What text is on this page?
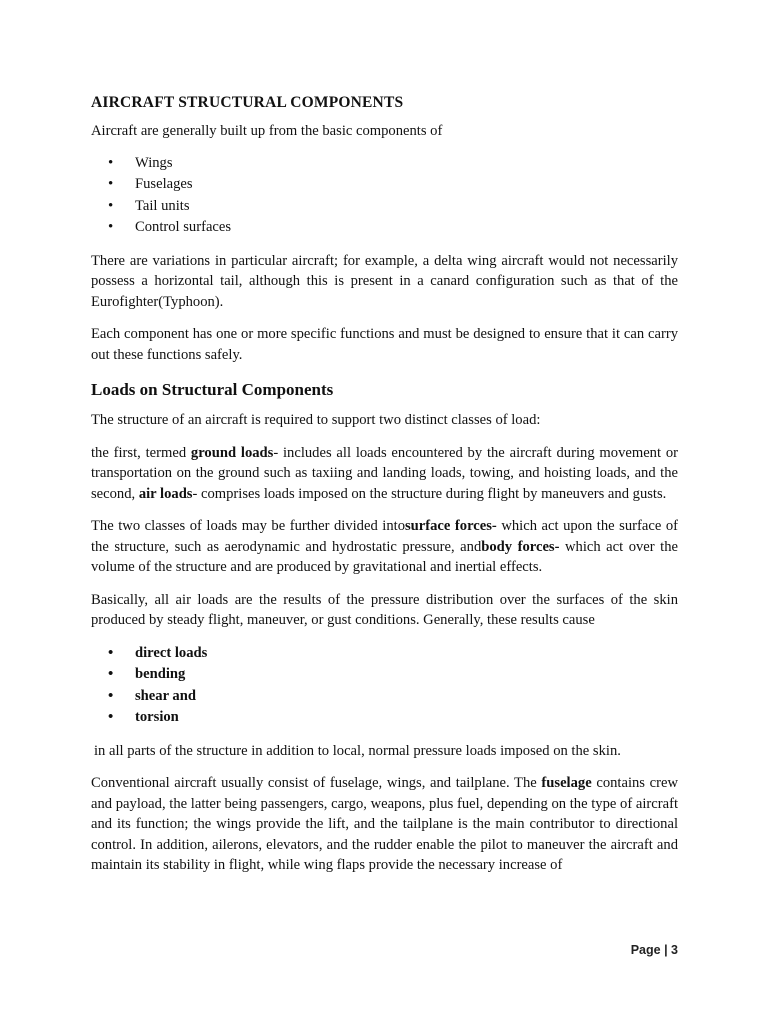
AIRCRAFT STRUCTURAL COMPONENTS

Aircraft are generally built up from the basic components of

• Wings
• Fuselages
• Tail units
• Control surfaces

There are variations in particular aircraft; for example, a delta wing aircraft would not necessarily possess a horizontal tail, although this is present in a canard configuration such as that of the Eurofighter(Typhoon).

Each component has one or more specific functions and must be designed to ensure that it can carry out these functions safely.

Loads on Structural Components

The structure of an aircraft is required to support two distinct classes of load:

the first, termed ground loads- includes all loads encountered by the aircraft during movement or transportation on the ground such as taxiing and landing loads, towing, and hoisting loads, and the second, air loads- comprises loads imposed on the structure during flight by maneuvers and gusts.

The two classes of loads may be further divided intosurface forces- which act upon the surface of the structure, such as aerodynamic and hydrostatic pressure, andbody forces- which act over the volume of the structure and are produced by gravitational and inertial effects.

Basically, all air loads are the results of the pressure distribution over the surfaces of the skin produced by steady flight, maneuver, or gust conditions. Generally, these results cause

• direct loads
• bending
• shear and
• torsion

in all parts of the structure in addition to local, normal pressure loads imposed on the skin.

Conventional aircraft usually consist of fuselage, wings, and tailplane. The fuselage contains crew and payload, the latter being passengers, cargo, weapons, plus fuel, depending on the type of aircraft and its function; the wings provide the lift, and the tailplane is the main contributor to directional control. In addition, ailerons, elevators, and the rudder enable the pilot to maneuver the aircraft and maintain its stability in flight, while wing flaps provide the necessary increase of

Page | 3
